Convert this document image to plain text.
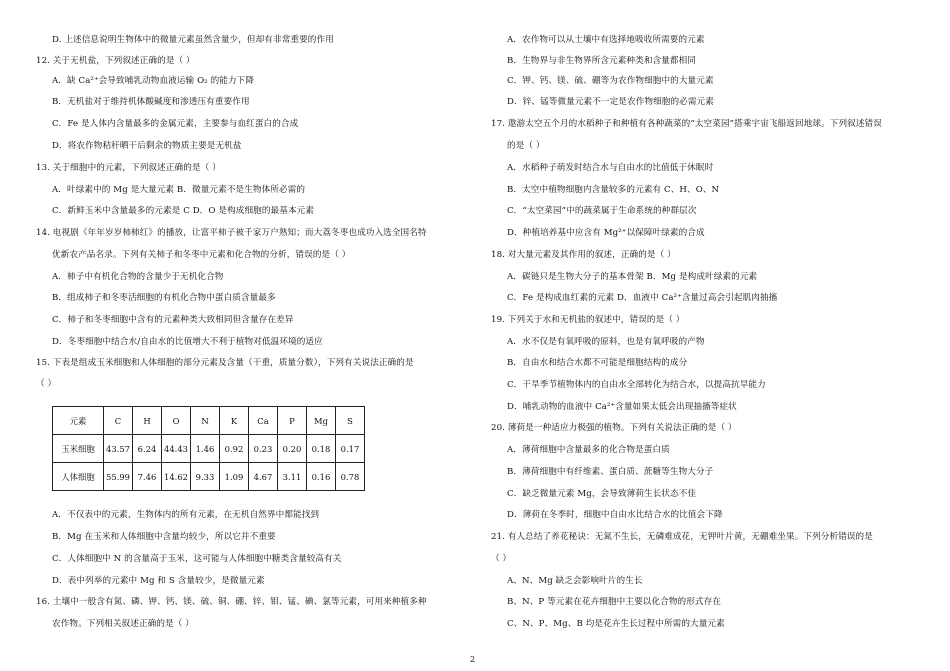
D. 上述信息说明生物体中的微量元素虽然含量少，但却有非常重要的作用
12. 关于无机盐，下列叙述正确的是（ ）
A．缺 Ca²⁺会导致哺乳动物血液运输 O₂ 的能力下降
B．无机盐对于维持机体酸碱度和渗透压有重要作用
C．Fe 是人体内含量最多的金属元素，主要参与血红蛋白的合成
D．将农作物秸秆晒干后剩余的物质主要是无机盐
13. 关于细胞中的元素，下列叙述正确的是（ ）
A．叶绿素中的 Mg 是大量元素 B．微量元素不是生物体所必需的
C．新鲜玉米中含量最多的元素是 C D．O 是构成细胞的最基本元素
14. 电视剧《年年岁岁柿柿红》的播放，让富平柿子被千家万户熟知；而大荔冬枣也成功入选全国名特
优新农产品名录。下列有关柿子和冬枣中元素和化合物的分析，错误的是（ ）
A．柿子中有机化合物的含量少于无机化合物
B．组成柿子和冬枣活细胞的有机化合物中蛋白质含量最多
C．柿子和冬枣细胞中含有的元素种类大致相同但含量存在差异
D．冬枣细胞中结合水/自由水的比值增大不利于植物对低温环境的适应
15. 下表是组成玉米细胞和人体细胞的部分元素及含量（干重，质量分数），下列有关说法正确的是
（ ）
A．不仅表中的元素，生物体内的所有元素，在无机自然界中都能找到
B．Mg 在玉米和人体细胞中含量均较少，所以它并不重要
C．人体细胞中 N 的含量高于玉米，这可能与人体细胞中糖类含量较高有关
D．表中列举的元素中 Mg 和 S 含量较少，是微量元素
16. 土壤中一般含有氮、磷、钾、钙、镁、硫、铜、硼、锌、钼、锰、碘、氯等元素，可用来种植多种
农作物。下列相关叙述正确的是（ ）
A．农作物可以从土壤中有选择地吸收所需要的元素
B．生物界与非生物界所含元素种类和含量都相同
C．钾、钙、镁、硫、硼等为农作物细胞中的大量元素
D．锌、锰等微量元素不一定是农作物细胞的必需元素
17. 遨游太空五个月的水稻种子和种植有各种蔬菜的“太空菜园”搭乘宇宙飞船返回地球。下列叙述错误
的是（ ）
A．水稻种子萌发时结合水与自由水的比值低于休眠时
B．太空中植物细胞内含量较多的元素有 C、H、O、N
C．“太空菜园”中的蔬菜属于生命系统的种群层次
D．种植培养基中应含有 Mg²⁺以保障叶绿素的合成
18. 对大量元素及其作用的叙述，正确的是（ ）
A．碳链只是生物大分子的基本骨架 B．Mg 是构成叶绿素的元素
C．Fe 是构成血红素的元素 D．血液中 Ca²⁺含量过高会引起肌肉抽搐
19. 下列关于水和无机盐的叙述中，错误的是（ ）
A．水不仅是有氧呼吸的原料，也是有氧呼吸的产物
B．自由水和结合水都不可能是细胞结构的成分
C．干旱季节植物体内的自由水全部转化为结合水，以提高抗旱能力
D．哺乳动物的血液中 Ca²⁺含量如果太低会出现抽搐等症状
20. 薄荷是一种适应力极强的植物。下列有关说法正确的是（ ）
A．薄荷细胞中含量最多的化合物是蛋白质
B．薄荷细胞中有纤维素、蛋白质、蔗糖等生物大分子
C．缺乏微量元素 Mg，会导致薄荷生长状态不佳
D．薄荷在冬季时，细胞中自由水比结合水的比值会下降
21. 有人总结了养花秘诀：无氮不生长，无磷难成花，无钾叶片黄，无硼难坐果。下列分析错误的是
（ ）
A、N、Mg 缺乏会影响叶片的生长
B、N、P 等元素在花卉细胞中主要以化合物的形式存在
C、N、P、Mg、B 均是花卉生长过程中所需的大量元素
元素	C	H	O	N	K	Ca	P	Mg	S
玉米细胞	43.57	6.24	44.43	1.46	0.92	0.23	0.20	0.18	0.17
人体细胞	55.99	7.46	14.62	9.33	1.09	4.67	3.11	0.16	0.78
2
